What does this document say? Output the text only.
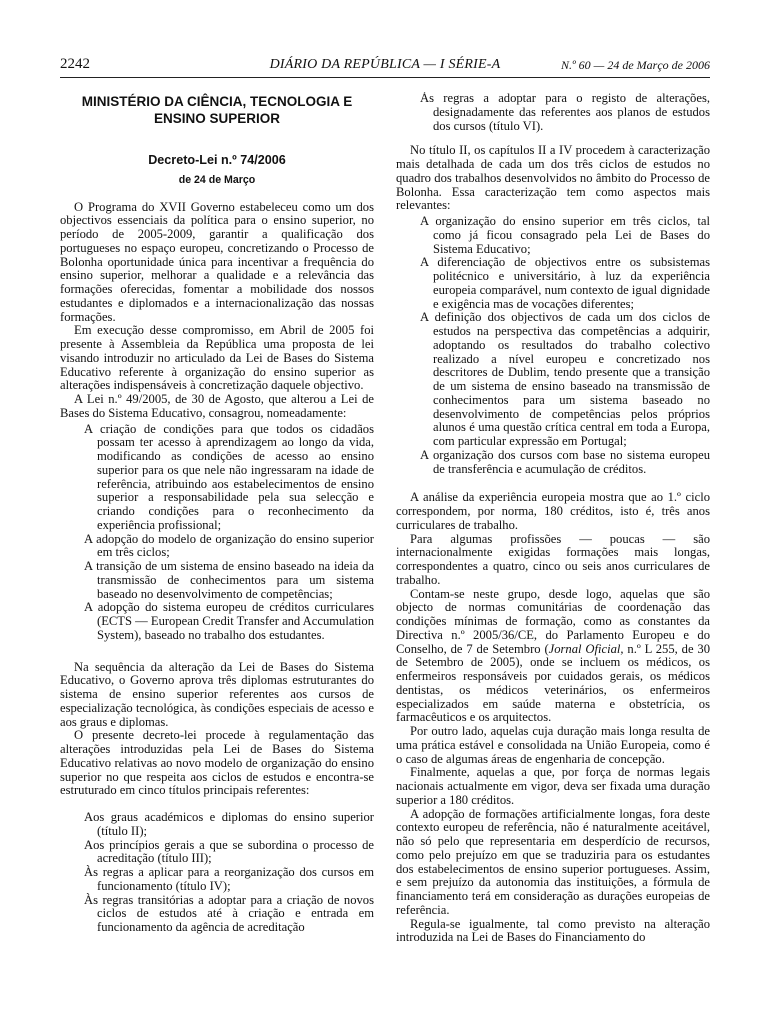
2242	DIÁRIO DA REPÚBLICA — I SÉRIE-A	N.º 60 — 24 de Março de 2006
MINISTÉRIO DA CIÊNCIA, TECNOLOGIA E ENSINO SUPERIOR
Decreto-Lei n.º 74/2006
de 24 de Março

O Programa do XVII Governo estabeleceu como um dos objectivos essenciais da política para o ensino superior, no período de 2005-2009, garantir a qualificação dos portugueses no espaço europeu, concretizando o Processo de Bolonha oportunidade única para incentivar a frequência do ensino superior, melhorar a qualidade e a relevância das formações oferecidas, fomentar a mobilidade dos nossos estudantes e diplomados e a internacionalização das nossas formações.

Em execução desse compromisso, em Abril de 2005 foi presente à Assembleia da República uma proposta de lei visando introduzir no articulado da Lei de Bases do Sistema Educativo referente à organização do ensino superior as alterações indispensáveis à concretização daquele objectivo.

A Lei n.º 49/2005, de 30 de Agosto, que alterou a Lei de Bases do Sistema Educativo, consagrou, nomeadamente:

A criação de condições para que todos os cidadãos possam ter acesso à aprendizagem ao longo da vida, modificando as condições de acesso ao ensino superior para os que nele não ingressaram na idade de referência, atribuindo aos estabelecimentos de ensino superior a responsabilidade pela sua selecção e criando condições para o reconhecimento da experiência profissional;
A adopção do modelo de organização do ensino superior em três ciclos;
A transição de um sistema de ensino baseado na ideia da transmissão de conhecimentos para um sistema baseado no desenvolvimento de competências;
A adopção do sistema europeu de créditos curriculares (ECTS — European Credit Transfer and Accumulation System), baseado no trabalho dos estudantes.

Na sequência da alteração da Lei de Bases do Sistema Educativo, o Governo aprova três diplomas estruturantes do sistema de ensino superior referentes aos cursos de especialização tecnológica, às condições especiais de acesso e aos graus e diplomas.

O presente decreto-lei procede à regulamentação das alterações introduzidas pela Lei de Bases do Sistema Educativo relativas ao novo modelo de organização do ensino superior no que respeita aos ciclos de estudos e encontra-se estruturado em cinco títulos principais referentes:

Aos graus académicos e diplomas do ensino superior (título II);
Aos princípios gerais a que se subordina o processo de acreditação (título III);
Às regras a aplicar para a reorganização dos cursos em funcionamento (título IV);
Às regras transitórias a adoptar para a criação de novos ciclos de estudos até à criação e entrada em funcionamento da agência de acreditação
Às regras a adoptar para o registo de alterações, designadamente das referentes aos planos de estudos dos cursos (título VI).

No título II, os capítulos II a IV procedem à caracterização mais detalhada de cada um dos três ciclos de estudos no quadro dos trabalhos desenvolvidos no âmbito do Processo de Bolonha. Essa caracterização tem como aspectos mais relevantes:

A organização do ensino superior em três ciclos, tal como já ficou consagrado pela Lei de Bases do Sistema Educativo;
A diferenciação de objectivos entre os subsistemas politécnico e universitário, à luz da experiência europeia comparável, num contexto de igual dignidade e exigência mas de vocações diferentes;
A definição dos objectivos de cada um dos ciclos de estudos na perspectiva das competências a adquirir, adoptando os resultados do trabalho colectivo realizado a nível europeu e concretizado nos descritores de Dublim, tendo presente que a transição de um sistema de ensino baseado na transmissão de conhecimentos para um sistema baseado no desenvolvimento de competências pelos próprios alunos é uma questão crítica central em toda a Europa, com particular expressão em Portugal;
A organização dos cursos com base no sistema europeu de transferência e acumulação de créditos.

A análise da experiência europeia mostra que ao 1.º ciclo correspondem, por norma, 180 créditos, isto é, três anos curriculares de trabalho.

Para algumas profissões — poucas — são internacionalmente exigidas formações mais longas, correspondentes a quatro, cinco ou seis anos curriculares de trabalho.

Contam-se neste grupo, desde logo, aquelas que são objecto de normas comunitárias de coordenação das condições mínimas de formação, como as constantes da Directiva n.º 2005/36/CE, do Parlamento Europeu e do Conselho, de 7 de Setembro (Jornal Oficial, n.º L 255, de 30 de Setembro de 2005), onde se incluem os médicos, os enfermeiros responsáveis por cuidados gerais, os médicos dentistas, os médicos veterinários, os enfermeiros especializados em saúde materna e obstetrícia, os farmacêuticos e os arquitectos.

Por outro lado, aquelas cuja duração mais longa resulta de uma prática estável e consolidada na União Europeia, como é o caso de algumas áreas de engenharia de concepção.

Finalmente, aquelas a que, por força de normas legais nacionais actualmente em vigor, deva ser fixada uma duração superior a 180 créditos.

A adopção de formações artificialmente longas, fora deste contexto europeu de referência, não é naturalmente aceitável, não só pelo que representaria em desperdício de recursos, como pelo prejuízo em que se traduziria para os estudantes dos estabelecimentos de ensino superior portugueses. Assim, e sem prejuízo da autonomia das instituições, a fórmula de financiamento terá em consideração as durações europeias de referência.

Regula-se igualmente, tal como previsto na alteração introduzida na Lei de Bases do Financiamento do
